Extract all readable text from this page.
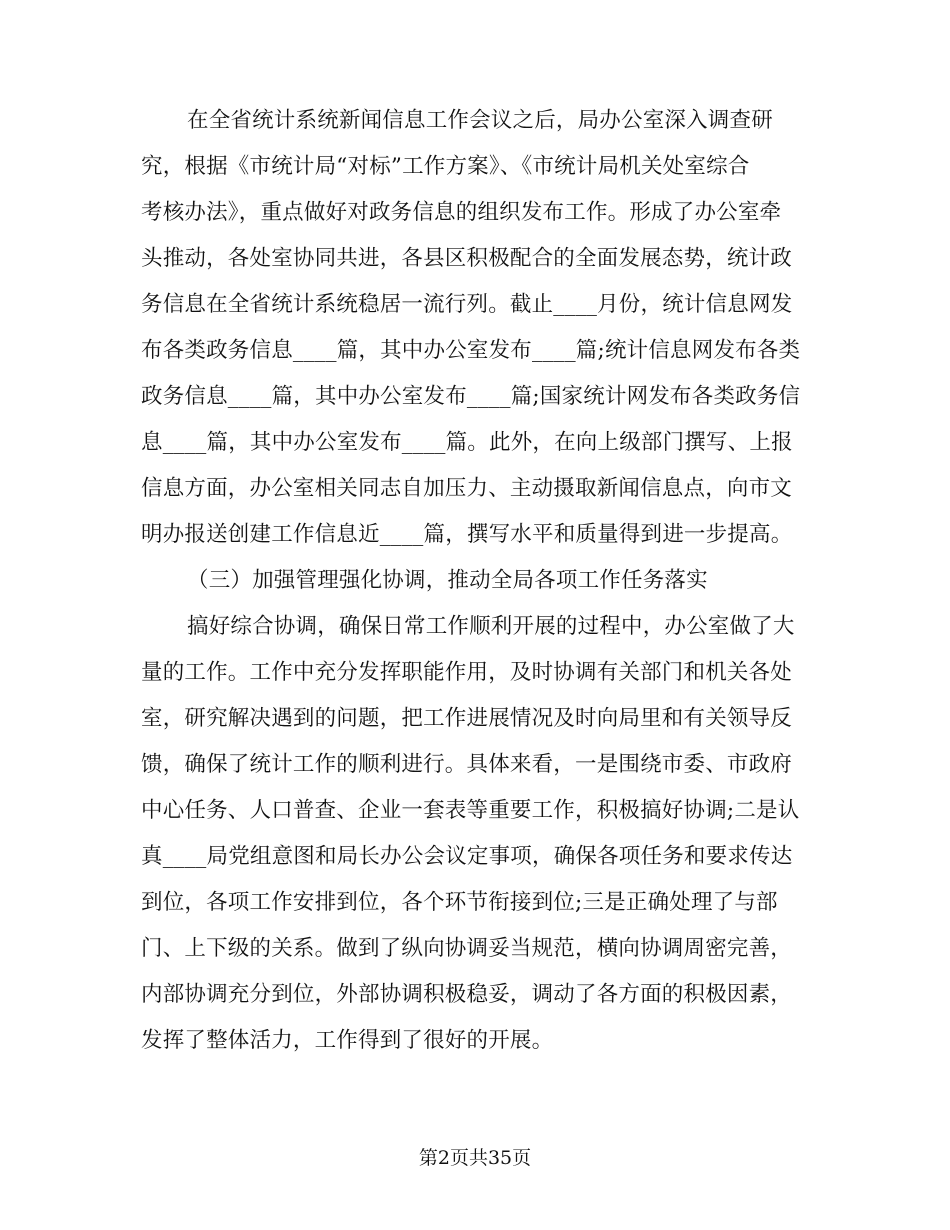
在全省统计系统新闻信息工作会议之后，局办公室深入调查研
究，根据《市统计局“对标”工作方案》、《市统计局机关处室综合
考核办法》，重点做好对政务信息的组织发布工作。形成了办公室牵
头推动，各处室协同共进，各县区积极配合的全面发展态势，统计政
务信息在全省统计系统稳居一流行列。截止____月份，统计信息网发
布各类政务信息____篇，其中办公室发布____篇;统计信息网发布各类
政务信息____篇，其中办公室发布____篇;国家统计网发布各类政务信
息____篇，其中办公室发布____篇。此外，在向上级部门撰写、上报
信息方面，办公室相关同志自加压力、主动摄取新闻信息点，向市文
明办报送创建工作信息近____篇，撰写水平和质量得到进一步提高。
（三）加强管理强化协调，推动全局各项工作任务落实
搞好综合协调，确保日常工作顺利开展的过程中，办公室做了大
量的工作。工作中充分发挥职能作用，及时协调有关部门和机关各处
室，研究解决遇到的问题，把工作进展情况及时向局里和有关领导反
馈，确保了统计工作的顺利进行。具体来看，一是围绕市委、市政府
中心任务、人口普查、企业一套表等重要工作，积极搞好协调;二是认
真____局党组意图和局长办公会议定事项，确保各项任务和要求传达
到位，各项工作安排到位，各个环节衔接到位;三是正确处理了与部
门、上下级的关系。做到了纵向协调妥当规范，横向协调周密完善，
内部协调充分到位，外部协调积极稳妥，调动了各方面的积极因素，
发挥了整体活力，工作得到了很好的开展。
第2页共35页
